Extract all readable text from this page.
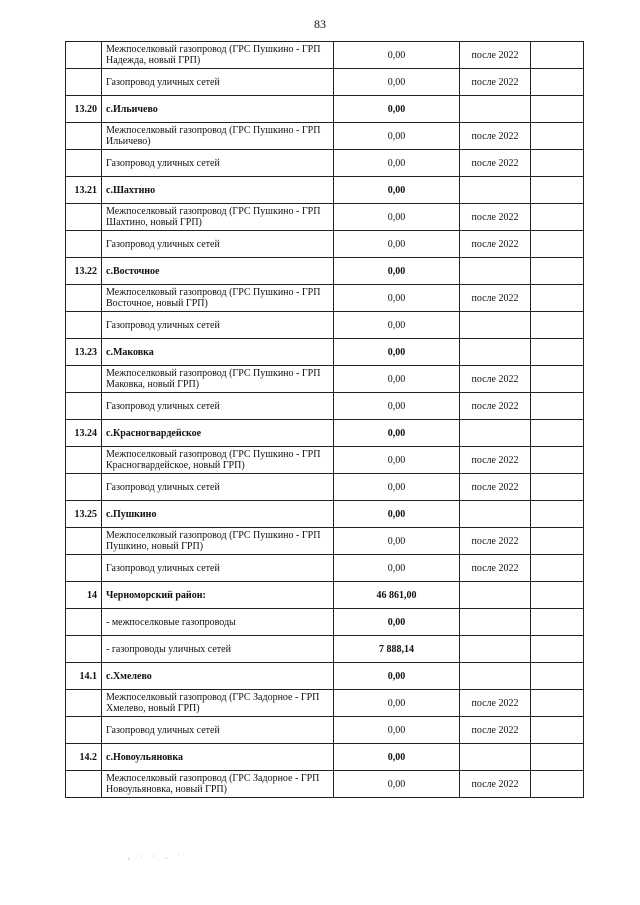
83
	Межпоселковый газопровод (ГРС Пушкино - ГРП Надежда, новый ГРП)	0,00	после 2022	
	Газопровод уличных сетей	0,00	после 2022	
13.20	с.Ильичево	0,00		
	Межпоселковый газопровод (ГРС Пушкино - ГРП Ильичево)	0,00	после 2022	
	Газопровод уличных сетей	0,00	после 2022	
13.21	с.Шахтино	0,00		
	Межпоселковый газопровод (ГРС Пушкино - ГРП Шахтино, новый ГРП)	0,00	после 2022	
	Газопровод уличных сетей	0,00	после 2022	
13.22	с.Восточное	0,00		
	Межпоселковый газопровод (ГРС Пушкино - ГРП Восточное, новый ГРП)	0,00	после 2022	
	Газопровод уличных сетей	0,00		
13.23	с.Маковка	0,00		
	Межпоселковый газопровод (ГРС Пушкино - ГРП Маковка, новый ГРП)	0,00	после 2022	
	Газопровод уличных сетей	0,00	после 2022	
13.24	с.Красногвардейское	0,00		
	Межпоселковый газопровод (ГРС Пушкино - ГРП Красногвардейское, новый ГРП)	0,00	после 2022	
	Газопровод уличных сетей	0,00	после 2022	
13.25	с.Пушкино	0,00		
	Межпоселковый газопровод (ГРС Пушкино - ГРП Пушкино, новый ГРП)	0,00	после 2022	
	Газопровод уличных сетей	0,00	после 2022	
14	Черноморский район:	46 861,00		
	- межпоселковые газопроводы	0,00		
	- газопроводы уличных сетей	7 888,14		
14.1	с.Хмелево	0,00		
	Межпоселковый газопровод (ГРС Задорное - ГРП Хмелево, новый ГРП)	0,00	после 2022	
	Газопровод уличных сетей	0,00	после 2022	
14.2	с.Новоульяновка	0,00		
	Межпоселковый газопровод (ГРС Задорное - ГРП Новоульяновка, новый ГРП)	0,00	после 2022	
, · · . ˙
